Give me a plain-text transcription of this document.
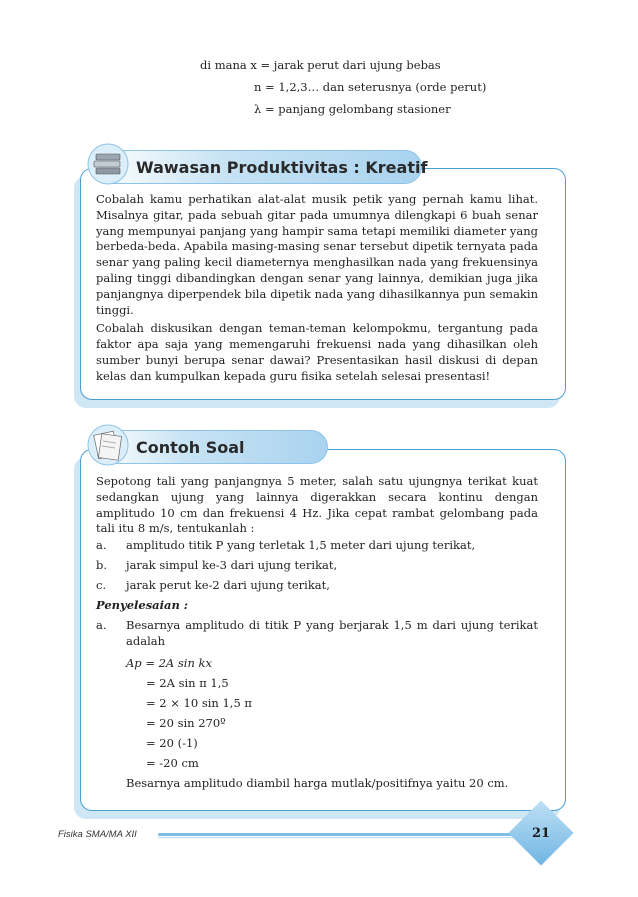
di mana x = jarak perut dari ujung bebas
n = 1,2,3… dan seterusnya (orde perut)
λ = panjang gelombang stasioner
Wawasan Produktivitas : Kreatif

Cobalah kamu perhatikan alat-alat musik petik yang pernah kamu lihat. Misalnya gitar, pada sebuah gitar pada umumnya dilengkapi 6 buah senar yang mempunyai panjang yang hampir sama tetapi memiliki diameter yang berbeda-beda. Apabila masing-masing senar tersebut dipetik ternyata pada senar yang paling kecil diameternya menghasilkan nada yang frekuensinya paling tinggi dibandingkan dengan senar yang lainnya, demikian juga jika panjangnya diperpendek bila dipetik nada yang dihasilkannya pun semakin tinggi.

Cobalah diskusikan dengan teman-teman kelompokmu, tergantung pada faktor apa saja yang memengaruhi frekuensi nada yang dihasilkan oleh sumber bunyi berupa senar dawai? Presentasikan hasil diskusi di depan kelas dan kumpulkan kepada guru fisika setelah selesai presentasi!

Contoh Soal
Sepotong tali yang panjangnya 5 meter, salah satu ujungnya terikat kuat sedangkan ujung yang lainnya digerakkan secara kontinu dengan amplitudo 10 cm dan frekuensi 4 Hz. Jika cepat rambat gelombang pada tali itu 8 m/s, tentukanlah :
a. amplitudo titik P yang terletak 1,5 meter dari ujung terikat,
b. jarak simpul ke-3 dari ujung terikat,
c. jarak perut ke-2 dari ujung terikat,
Penyelesaian :
a. Besarnya amplitudo di titik P yang berjarak 1,5 m dari ujung terikat adalah
Ap = 2A sin kx
= 2A sin π 1,5
= 2 × 10 sin 1,5 π
= 20 sin 270º
= 20 (-1)
= -20 cm
Besarnya amplitudo diambil harga mutlak/positifnya yaitu 20 cm.
Fisika SMA/MA XII	21
